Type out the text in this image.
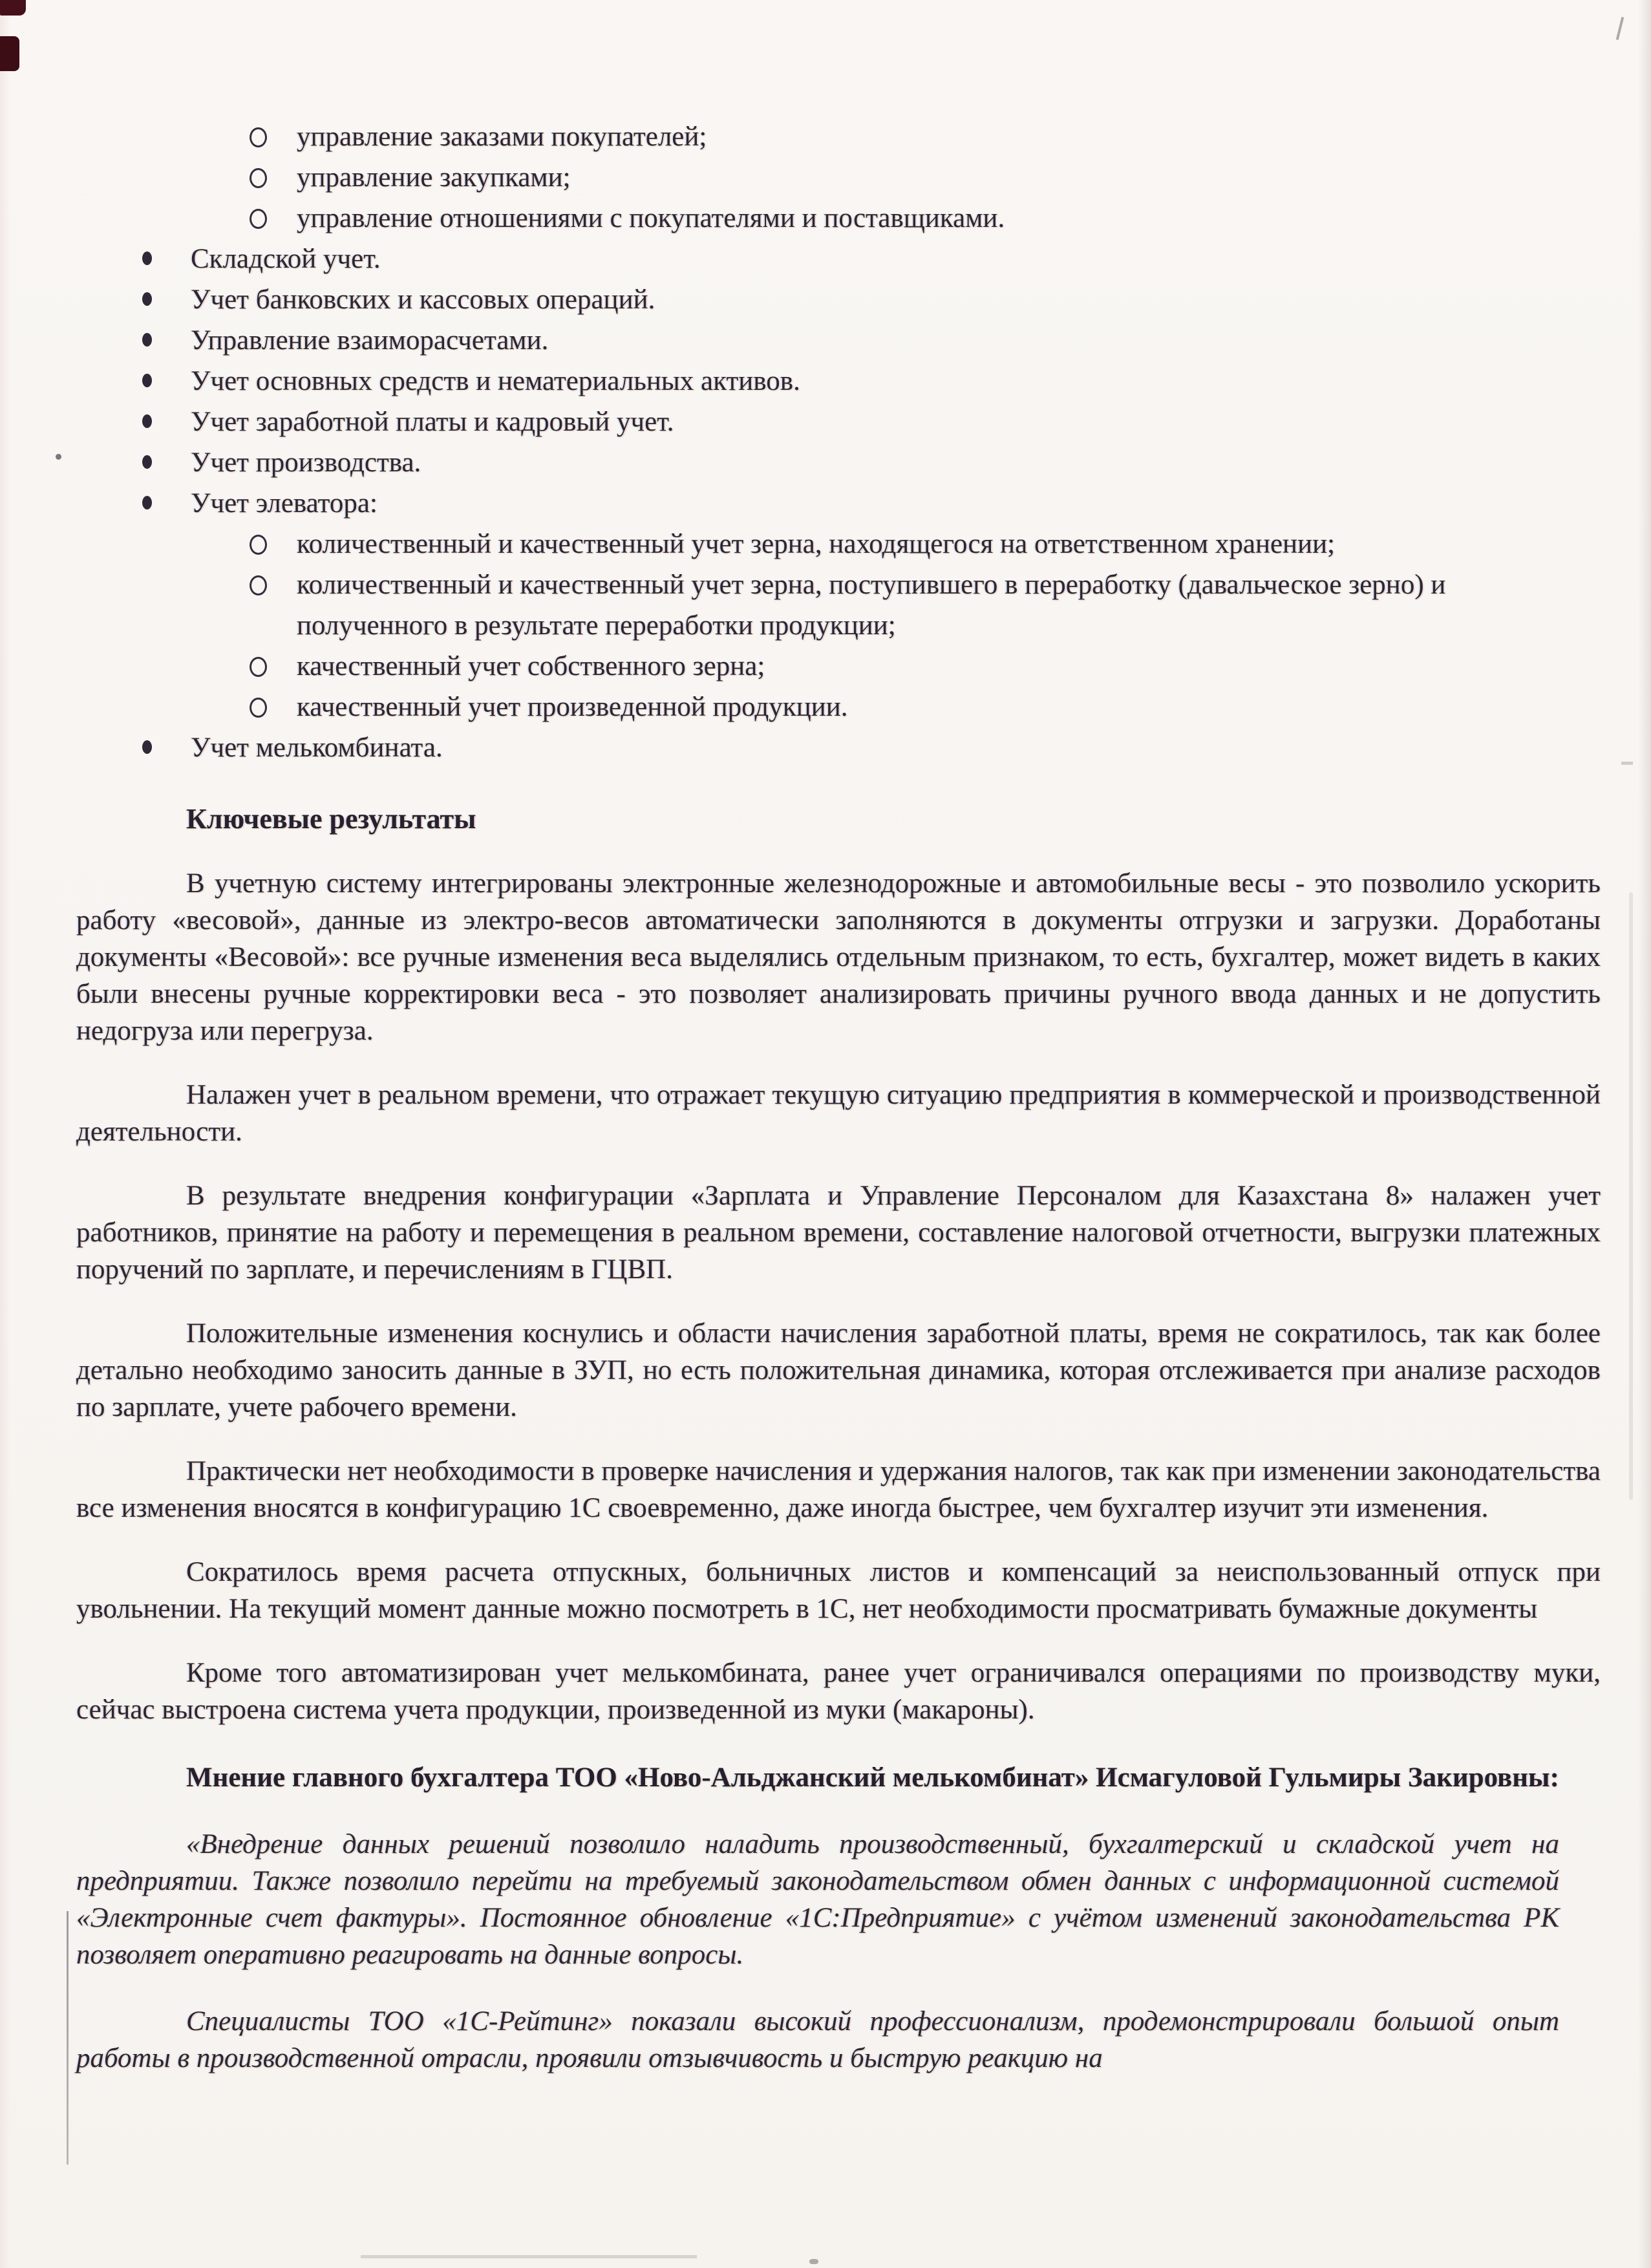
управление заказами покупателей;
управление закупками;
управление отношениями с покупателями и поставщиками.
Складской учет.
Учет банковских и кассовых операций.
Управление взаиморасчетами.
Учет основных средств и нематериальных активов.
Учет заработной платы и кадровый учет.
Учет производства.
Учет элеватора:
количественный и качественный учет зерна, находящегося на ответственном хранении;
количественный и качественный учет зерна, поступившего в переработку (давальческое зерно) и полученного в результате переработки продукции;
качественный учет собственного зерна;
качественный учет произведенной продукции.
Учет мелькомбината.
Ключевые результаты

В учетную систему интегрированы электронные железнодорожные и автомобильные весы - это позволило ускорить работу «весовой», данные из электро-весов автоматически заполняются в документы отгрузки и загрузки. Доработаны документы «Весовой»: все ручные изменения веса выделялись отдельным признаком, то есть, бухгалтер, может видеть в каких были внесены ручные корректировки веса - это позволяет анализировать причины ручного ввода данных и не допустить недогруза или перегруза.

Налажен учет в реальном времени, что отражает текущую ситуацию предприятия в коммерческой и производственной деятельности.

В результате внедрения конфигурации «Зарплата и Управление Персоналом для Казахстана 8» налажен учет работников, принятие на работу и перемещения в реальном времени, составление налоговой отчетности, выгрузки платежных поручений по зарплате, и перечислениям в ГЦВП.

Положительные изменения коснулись и области начисления заработной платы, время не сократилось, так как более детально необходимо заносить данные в ЗУП, но есть положительная динамика, которая отслеживается при анализе расходов по зарплате, учете рабочего времени.

Практически нет необходимости в проверке начисления и удержания налогов, так как при изменении законодательства все изменения вносятся в конфигурацию 1С своевременно, даже иногда быстрее, чем бухгалтер изучит эти изменения.

Сократилось время расчета отпускных, больничных листов и компенсаций за неиспользованный отпуск при увольнении. На текущий момент данные можно посмотреть в 1С, нет необходимости просматривать бумажные документы

Кроме того автоматизирован учет мелькомбината, ранее учет ограничивался операциями по производству муки, сейчас выстроена система учета продукции, произведенной из муки (макароны).

Мнение главного бухгалтера ТОО «Ново-Альджанский мелькомбинат» Исмагуловой Гульмиры Закировны:

«Внедрение данных решений позволило наладить производственный, бухгалтерский и складской учет на предприятии. Также позволило перейти на требуемый законодательством обмен данных с информационной системой «Электронные счет фактуры». Постоянное обновление «1С:Предприятие» с учётом изменений законодательства РК позволяет оперативно реагировать на данные вопросы.

Специалисты ТОО «1С-Рейтинг» показали высокий профессионализм, продемонстрировали большой опыт работы в производственной отрасли, проявили отзывчивость и быструю реакцию на
